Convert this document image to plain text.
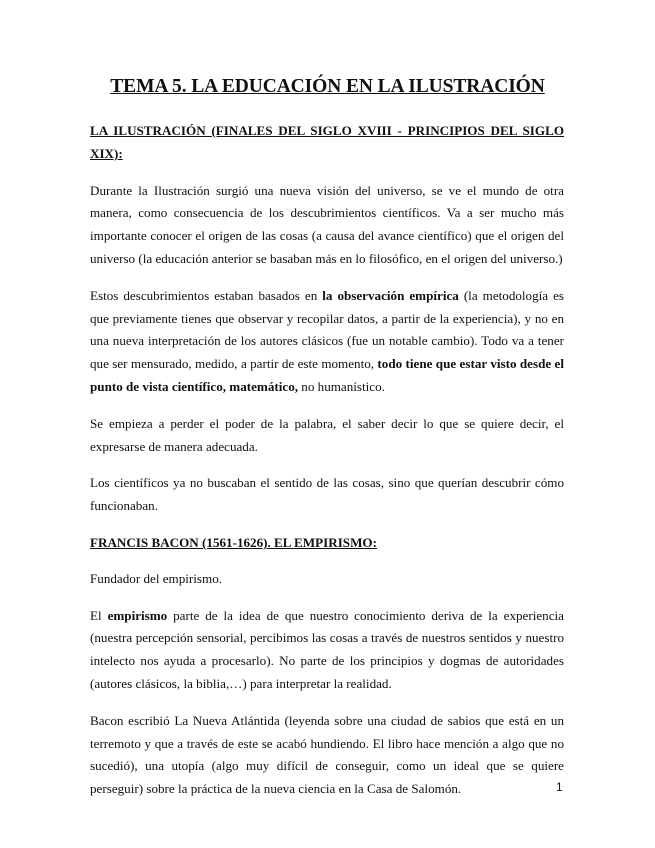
TEMA 5. LA EDUCACIÓN EN LA ILUSTRACIÓN
LA ILUSTRACIÓN (FINALES DEL SIGLO XVIII - PRINCIPIOS DEL SIGLO XIX):

Durante la Ilustración surgió una nueva visión del universo, se ve el mundo de otra manera, como consecuencia de los descubrimientos científicos. Va a ser mucho más importante conocer el origen de las cosas (a causa del avance científico) que el origen del universo (la educación anterior se basaban más en lo filosófico, en el origen del universo.)

Estos descubrimientos estaban basados en la observación empírica (la metodología es que previamente tienes que observar y recopilar datos, a partir de la experiencia), y no en una nueva interpretación de los autores clásicos (fue un notable cambio). Todo va a tener que ser mensurado, medido, a partir de este momento, todo tiene que estar visto desde el punto de vista científico, matemático, no humanístico.

Se empieza a perder el poder de la palabra, el saber decir lo que se quiere decir, el expresarse de manera adecuada.

Los científicos ya no buscaban el sentido de las cosas, sino que querían descubrir cómo funcionaban.

FRANCIS BACON (1561-1626). EL EMPIRISMO:

Fundador del empirismo.

El empirismo parte de la idea de que nuestro conocimiento deriva de la experiencia (nuestra percepción sensorial, percibimos las cosas a través de nuestros sentidos y nuestro intelecto nos ayuda a procesarlo). No parte de los principios y dogmas de autoridades (autores clásicos, la biblia,…) para interpretar la realidad.

Bacon escribió La Nueva Atlántida (leyenda sobre una ciudad de sabios que está en un terremoto y que a través de este se acabó hundiendo. El libro hace mención a algo que no sucedió), una utopía (algo muy difícil de conseguir, como un ideal que se quiere perseguir) sobre la práctica de la nueva ciencia en la Casa de Salomón.	1
